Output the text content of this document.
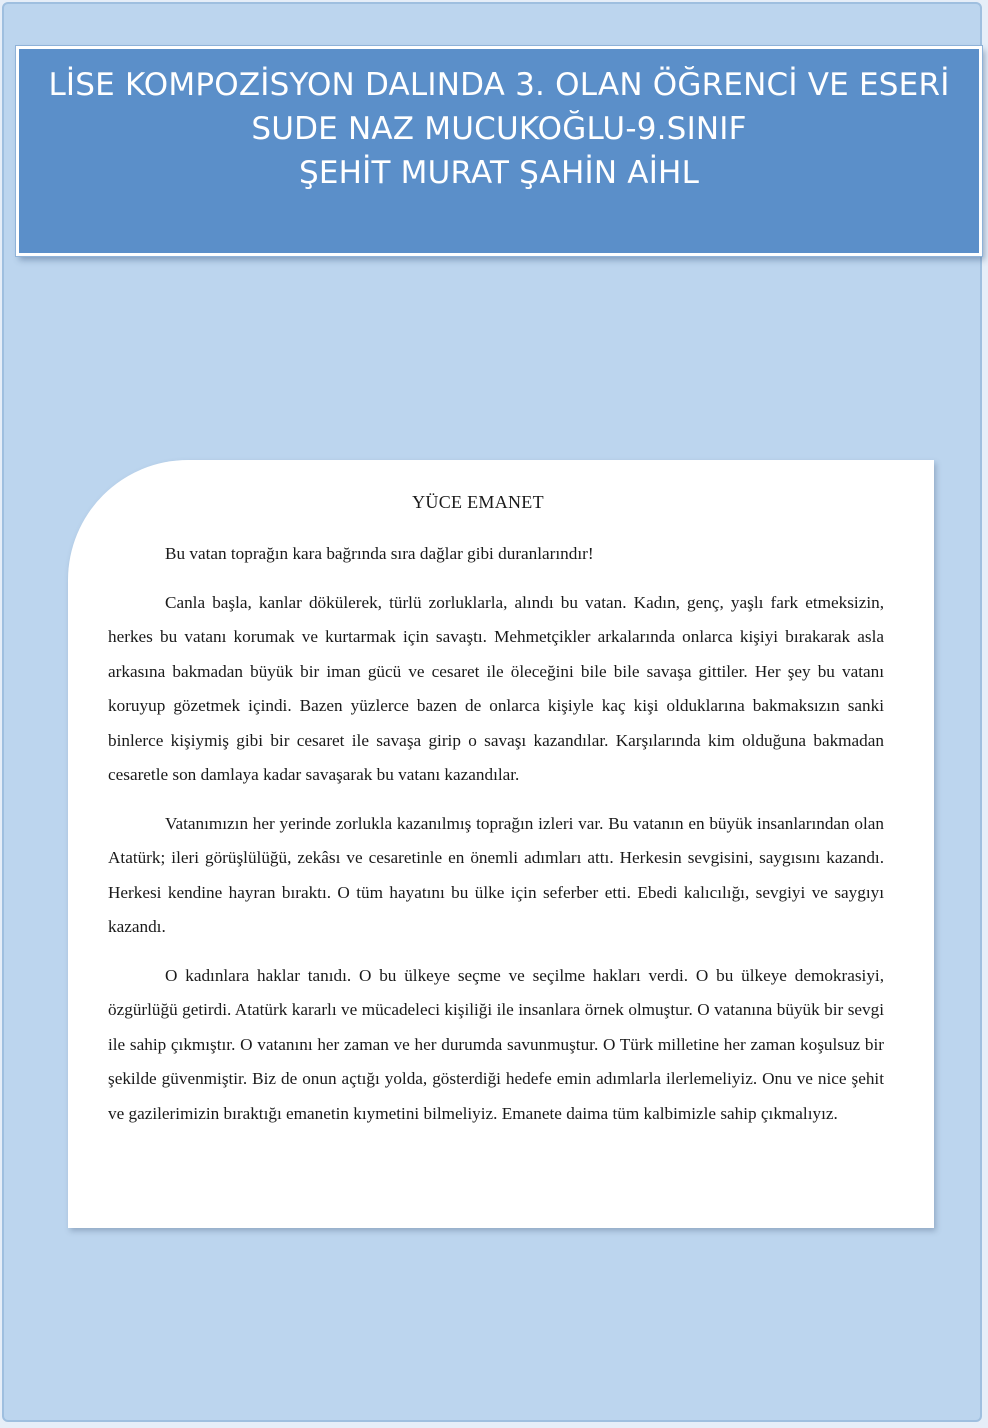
LİSE KOMPOZİSYON DALINDA 3. OLAN ÖĞRENCİ VE ESERİ
SUDE NAZ MUCUKOĞLU-9.SINIF
ŞEHİT MURAT ŞAHİN AİHL
YÜCE EMANET

Bu vatan toprağın kara bağrında sıra dağlar gibi duranlarındır!

Canla başla, kanlar dökülerek, türlü zorluklarla, alındı bu vatan. Kadın, genç, yaşlı fark etmeksizin, herkes bu vatanı korumak ve kurtarmak için savaştı. Mehmetçikler arkalarında onlarca kişiyi bırakarak asla arkasına bakmadan büyük bir iman gücü ve cesaret ile öleceğini bile bile savaşa gittiler. Her şey bu vatanı koruyup gözetmek içindi. Bazen yüzlerce bazen de onlarca kişiyle kaç kişi olduklarına bakmaksızın sanki binlerce kişiymiş gibi bir cesaret ile savaşa girip o savaşı kazandılar. Karşılarında kim olduğuna bakmadan cesaretle son damlaya kadar savaşarak bu vatanı kazandılar.

Vatanımızın her yerinde zorlukla kazanılmış toprağın izleri var. Bu vatanın en büyük insanlarından olan Atatürk; ileri görüşlülüğü, zekâsı ve cesaretinle en önemli adımları attı. Herkesin sevgisini, saygısını kazandı. Herkesi kendine hayran bıraktı. O tüm hayatını bu ülke için seferber etti. Ebedi kalıcılığı, sevgiyi ve saygıyı kazandı.

O kadınlara haklar tanıdı. O bu ülkeye seçme ve seçilme hakları verdi. O bu ülkeye demokrasiyi, özgürlüğü getirdi. Atatürk kararlı ve mücadeleci kişiliği ile insanlara örnek olmuştur. O vatanına büyük bir sevgi ile sahip çıkmıştır. O vatanını her zaman ve her durumda savunmuştur. O Türk milletine her zaman koşulsuz bir şekilde güvenmiştir. Biz de onun açtığı yolda, gösterdiği hedefe emin adımlarla ilerlemeliyiz. Onu ve nice şehit ve gazilerimizin bıraktığı emanetin kıymetini bilmeliyiz. Emanete daima tüm kalbimizle sahip çıkmalıyız.
